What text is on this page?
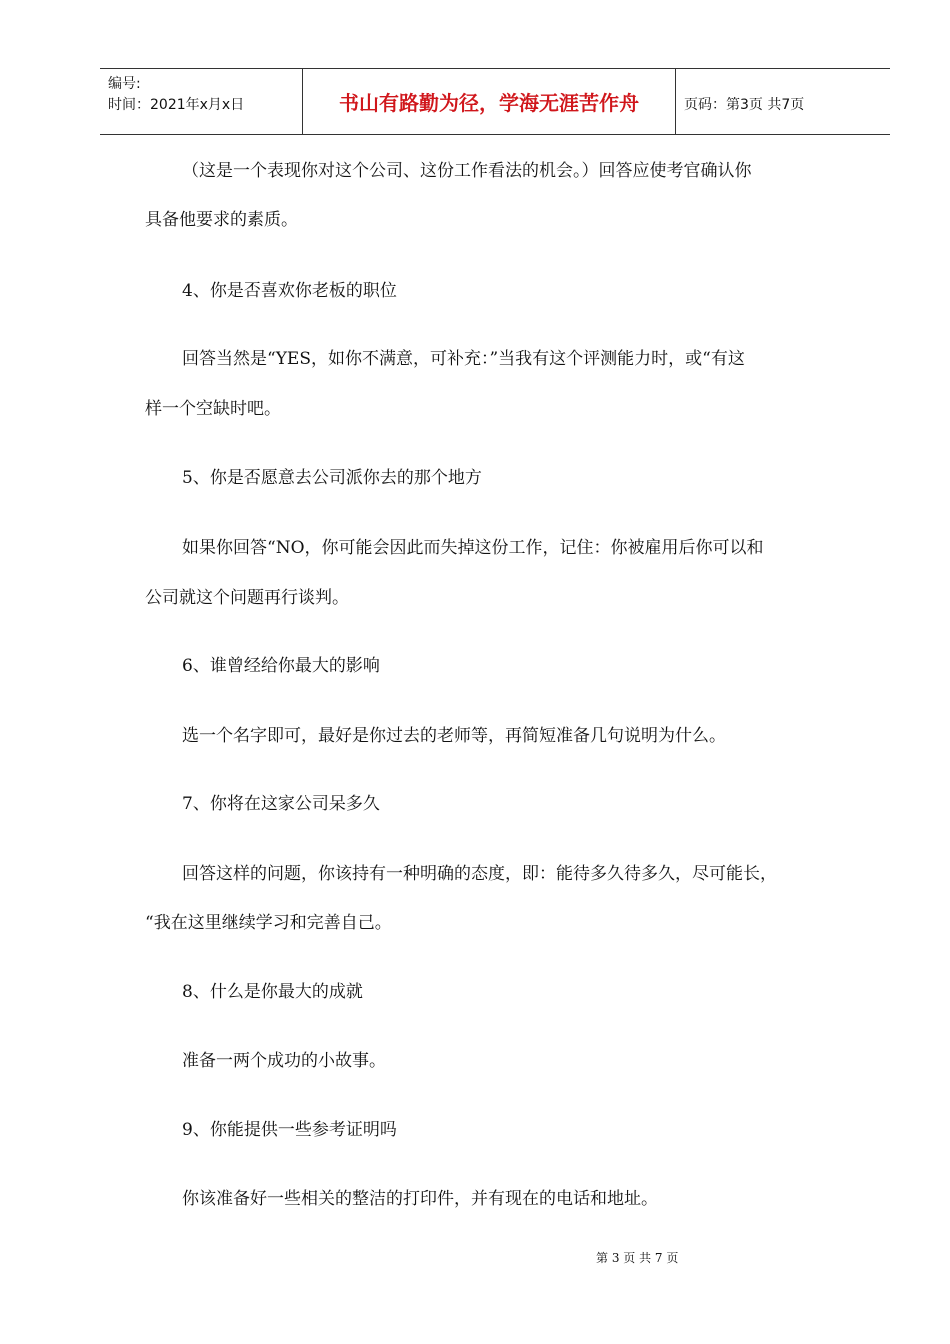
编号:
时间：2021年x月x日	书山有路勤为径，学海无涯苦作舟	页码：第3页 共7页
（这是一个表现你对这个公司、这份工作看法的机会。）回答应使考官确认你
具备他要求的素质。
4、你是否喜欢你老板的职位
回答当然是“YES，如你不满意，可补充：”当我有这个评测能力时，或“有这
样一个空缺时吧。
5、你是否愿意去公司派你去的那个地方
如果你回答“NO，你可能会因此而失掉这份工作，记住：你被雇用后你可以和
公司就这个问题再行谈判。
6、谁曾经给你最大的影响
选一个名字即可，最好是你过去的老师等，再简短准备几句说明为什么。
7、你将在这家公司呆多久
回答这样的问题，你该持有一种明确的态度，即：能待多久待多久，尽可能长，
“我在这里继续学习和完善自己。
8、什么是你最大的成就
准备一两个成功的小故事。
9、你能提供一些参考证明吗
你该准备好一些相关的整洁的打印件，并有现在的电话和地址。
第 3 页 共 7 页
